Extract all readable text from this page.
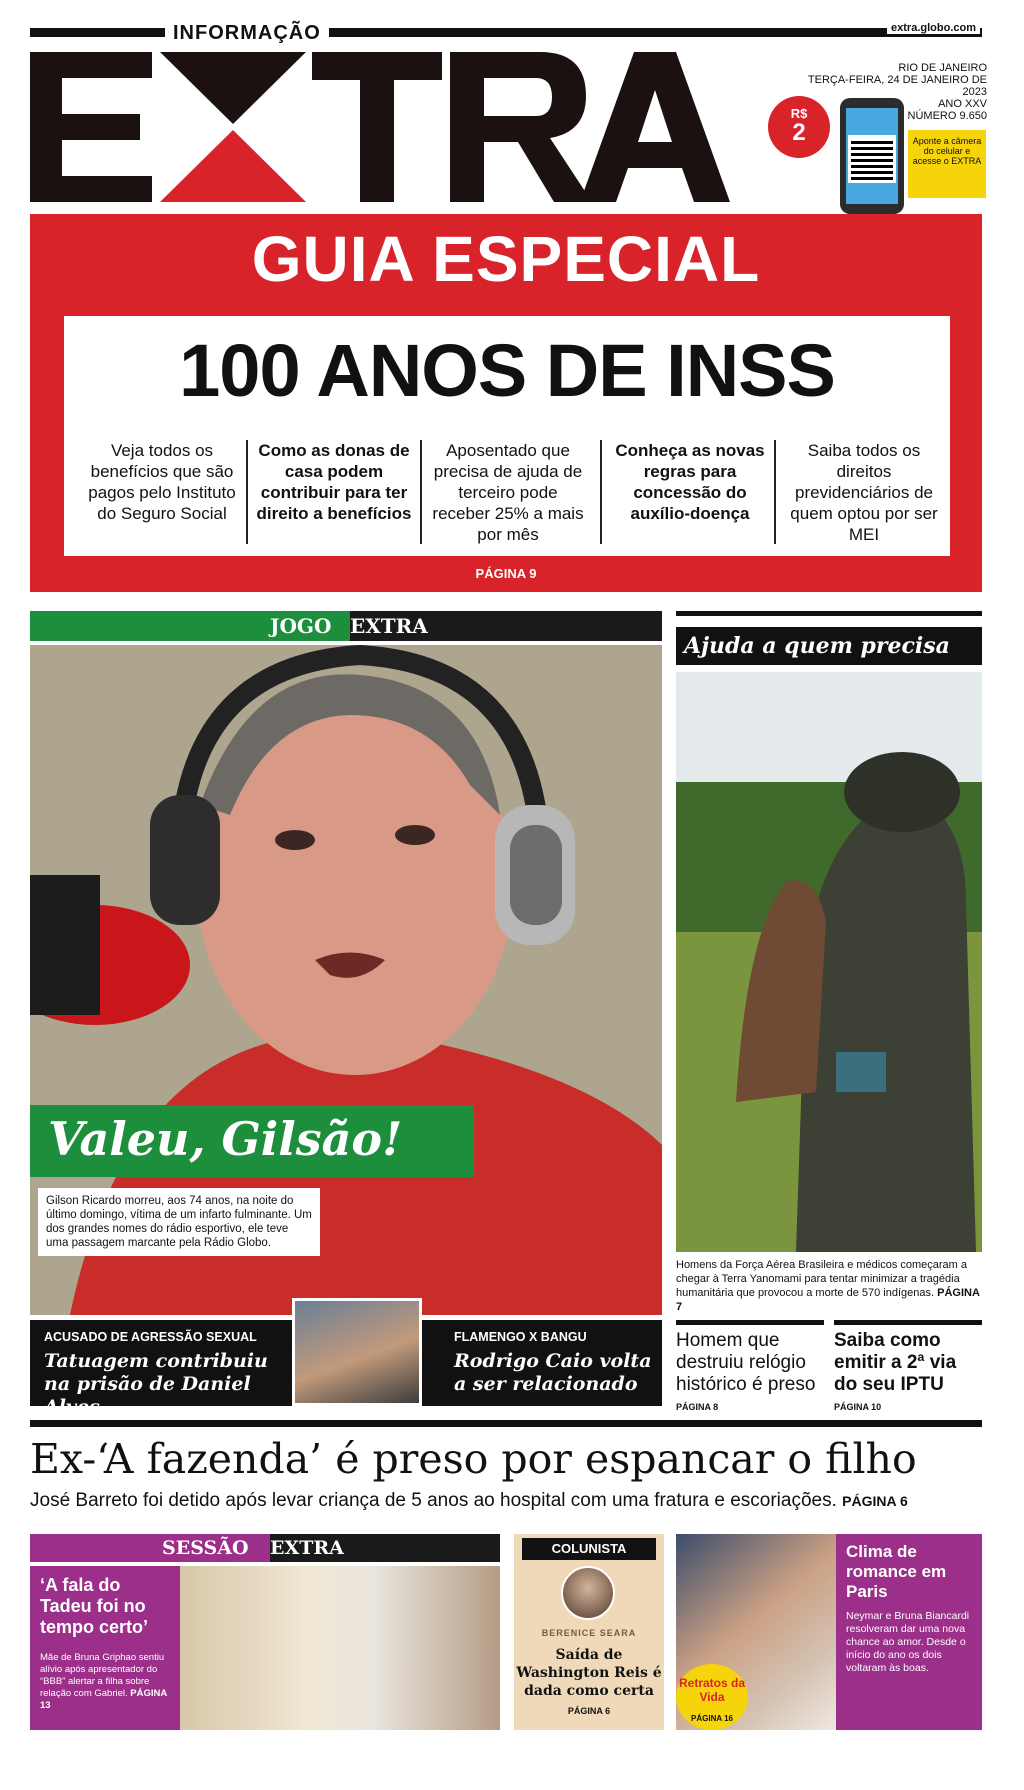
INFORMAÇÃO	extra.globo.com
RIO DE JANEIRO
TERÇA-FEIRA, 24 DE JANEIRO DE 2023
ANO XXV
NÚMERO 9.650
R$
2	Aponte a câmera do celular e acesse o EXTRA
GUIA ESPECIAL
100 ANOS DE INSS
Veja todos os benefícios que são pagos pelo Instituto do Seguro Social
Como as donas de casa podem contribuir para ter direito a benefícios
Aposentado que precisa de ajuda de terceiro pode receber 25% a mais por mês
Conheça as novas regras para concessão do auxílio-doença
Saiba todos os direitos previdenciários de quem optou por ser MEI
PÁGINA 9
JOGO EXTRA
Valeu, Gilsão!
Gilson Ricardo morreu, aos 74 anos, na noite do último domingo, vítima de um infarto fulminante. Um dos grandes nomes do rádio esportivo, ele teve uma passagem marcante pela Rádio Globo.
Ajuda a quem precisa
Homens da Força Aérea Brasileira e médicos começaram a chegar à Terra Yanomami para tentar minimizar a tragédia humanitária que provocou a morte de 570 indígenas. PÁGINA 7
ACUSADO DE AGRESSÃO SEXUAL
Tatuagem contribuiu na prisão de Daniel Alves
FLAMENGO X BANGU
Rodrigo Caio volta a ser relacionado
Homem que destruiu relógio histórico é preso
PÁGINA 8
Saiba como emitir a 2ª via do seu IPTU
PÁGINA 10
Ex-‘A fazenda’ é preso por espancar o filho
José Barreto foi detido após levar criança de 5 anos ao hospital com uma fratura e escoriações. PÁGINA 6
SESSÃO EXTRA
‘A fala do Tadeu foi no tempo certo’
Mãe de Bruna Griphao sentiu alívio após apresentador do “BBB” alertar a filha sobre relação com Gabriel. PÁGINA 13
COLUNISTA
BERENICE SEARA
Saída de Washington Reis é dada como certa
PÁGINA 6
Retratos da Vida
PÁGINA 16
Clima de romance em Paris
Neymar e Bruna Biancardi resolveram dar uma nova chance ao amor. Desde o início do ano os dois voltaram às boas.
